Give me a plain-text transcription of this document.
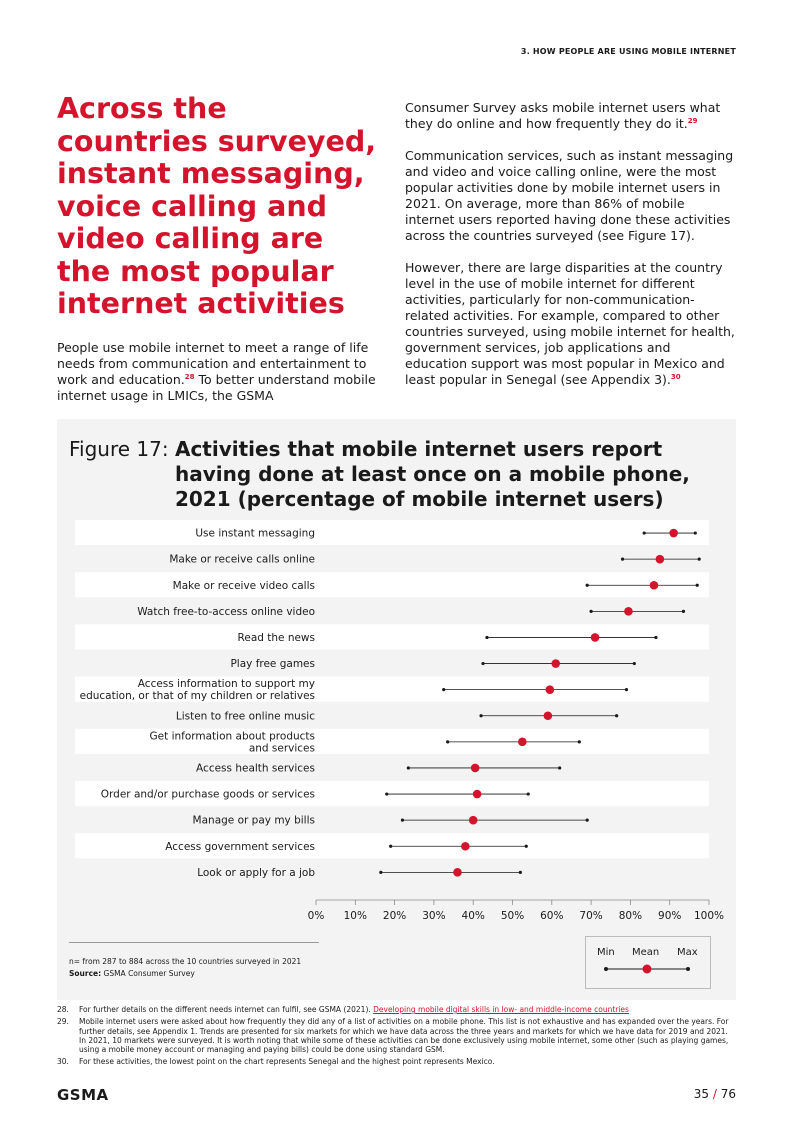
3. HOW PEOPLE ARE USING MOBILE INTERNET
Across the countries surveyed, instant messaging, voice calling and video calling are the most popular internet activities
People use mobile internet to meet a range of life needs from communication and entertainment to work and education.$^{28}$ To better understand mobile internet usage in LMICs, the GSMA

Consumer Survey asks mobile internet users what they do online and how frequently they do it.$^{29}$

Communication services, such as instant messaging and video and voice calling online, were the most popular activities done by mobile internet users in 2021. On average, more than 86% of mobile internet users reported having done these activities across the countries surveyed (see Figure 17).

However, there are large disparities at the country level in the use of mobile internet for different activities, particularly for non-communication-related activities. For example, compared to other countries surveyed, using mobile internet for health, government services, job applications and education support was most popular in Mexico and least popular in Senegal (see Appendix 3).$^{30}$

Figure 17: Activities that mobile internet users report having done at least once on a mobile phone, 2021 (percentage of mobile internet users)
Use instant messaging
Make or receive calls online
Make or receive video calls
Watch free-to-access online video
Read the news
Play free games
Access information to support my education, or that of my children or relatives
Listen to free online music
Get information about products and services
Access health services
Order and/or purchase goods or services
Manage or pay my bills
Access government services
Look or apply for a job
0% 10% 20% 30% 40% 50% 60% 70% 80% 90% 100%
n= from 287 to 884 across the 10 countries surveyed in 2021
Source: GSMA Consumer Survey
Min Mean Max
28.	For further details on the different needs internet can fulfil, see GSMA (2021). Developing mobile digital skills in low- and middle-income countries
29.	Mobile internet users were asked about how frequently they did any of a list of activities on a mobile phone. This list is not exhaustive and has expanded over the years. For further details, see Appendix 1. Trends are presented for six markets for which we have data across the three years and markets for which we have data for 2019 and 2021. In 2021, 10 markets were surveyed. It is worth noting that while some of these activities can be done exclusively using mobile internet, some other (such as playing games, using a mobile money account or managing and paying bills) could be done using standard GSM.
30.	For these activities, the lowest point on the chart represents Senegal and the highest point represents Mexico.
GSMA	35 / 76
